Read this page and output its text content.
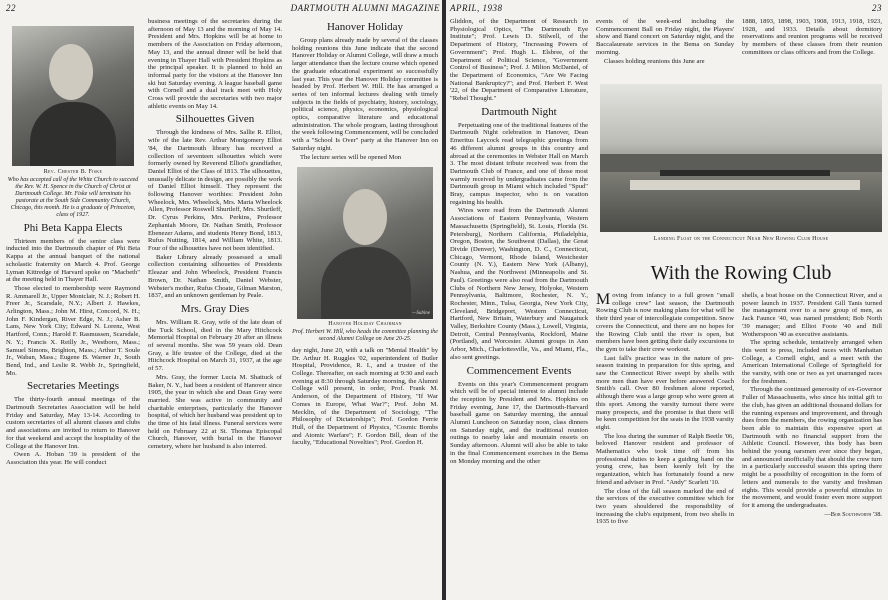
22	DARTMOUTH ALUMNI MAGAZINE
Rev. Chester B. Fiske
Who has accepted call of the White Church to succeed the Rev. W. H. Spence in the Church of Christ at Dartmouth College. Mr. Fiske will terminate his pastorate at the South Side Community Church, Chicago, this month. He is a graduate of Princeton, class of 1927.
Phi Beta Kappa Elects

Thirteen members of the senior class were inducted into the Dartmouth chapter of Phi Beta Kappa at the annual banquet of the national scholastic fraternity on March 4. Prof. George Lyman Kittredge of Harvard spoke on "Macbeth" at the meeting held in Thayer Hall.

Those elected to membership were Raymond R. Ammarell Jr., Upper Montclair, N. J.; Robert H. Freer Jr., Scarsdale, N.Y.; Albert J. Hawkes, Arlington, Mass.; John M. Hirst, Concord, N. H.; John F. Kindergan, River Edge, N. J.; Asher B. Lans, New York City; Edward N. Lorenz, West Hartford, Conn.; Harold F. Rasmussen, Scarsdale, N. Y.; Francis X. Reilly Jr., Westboro, Mass.; Samuel Simons, Brighton, Mass.; Arthur T. Soule Jr., Waban, Mass.; Eugene B. Warner Jr., South Bend, Ind., and Leslie R. Webb Jr., Springfield, Mo.

Secretaries Meetings

The thirty-fourth annual meetings of the Dartmouth Secretaries Association will be held Friday and Saturday, May 13-14. According to custom secretaries of all alumni classes and clubs and associations are invited to return to Hanover for that weekend and accept the hospitality of the College at the Hanover Inn.

Owen A. Hoban '39 is president of the Association this year. He will conduct

business meetings of the secretaries during the afternoon of May 13 and the morning of May 14. President and Mrs. Hopkins will be at home to members of the Association on Friday afternoon, May 13, and the annual dinner will be held that evening in Thayer Hall with President Hopkins as the principal speaker. It is planned to hold an informal party for the visitors at the Hanover Inn ski hut Saturday evening. A league baseball game with Cornell and a dual track meet with Holy Cross will provide the secretaries with two major athletic events on May 14.

Silhouettes Given

Through the kindness of Mrs. Sallie R. Elliot, wife of the late Rev. Arthur Montgomery Elliot '84, the Dartmouth library has received a collection of seventeen silhouettes which were formerly owned by Reverend Elliot's grandfather, Daniel Elliot of the Class of 1813. The silhouettes, unusually delicate in design, are possibly the work of Daniel Elliot himself. They represent the following Hanover worthies: President John Wheelock, Mrs. Wheelock, Mrs. Maria Wheelock Allen, Professor Roswell Shurtleff, Mrs. Shurtleff, Dr. Cyrus Perkins, Mrs. Perkins, Professor Zephaniah Moore, Dr. Nathan Smith, Professor Ebenezer Adams, and students Henry Bond, 1813, Rufus Nutting, 1814, and William White, 1813. Four of the silhouettes have not been identified.

Baker Library already possessed a small collection containing silhouettes of Presidents Eleazar and John Wheelock, President Francis Brown, Dr. Nathan Smith, Daniel Webster, Webster's mother, Rufus Choate, Gilman Marston, 1837, and an unknown gentleman by Peale.

Mrs. Gray Dies

Mrs. William R. Gray, wife of the late dean of the Tuck School, died in the Mary Hitchcock Memorial Hospital on February 20 after an illness of several months. She was 59 years old. Dean Gray, a life trustee of the College, died at the Hitchcock Hospital on March 31, 1937, at the age of 57.

Mrs. Gray, the former Lucia M. Shattuck of Baker, N. Y., had been a resident of Hanover since 1905, the year in which she and Dean Gray were married. She was active in community and charitable enterprises, particularly the Hanover hospital, of which her husband was president up to the time of his fatal illness. Funeral services were held on February 22 at St. Thomas Episcopal Church, Hanover, with burial in the Hanover cemetery, where her husband is also interred.

Hanover Holiday

Group plans already made by several of the classes holding reunions this June indicate that the second Hanover Holiday or Alumni College, will draw a much larger attendance than the lecture course which opened the graduate educational experiment so successfully last year. This year the Hanover Holiday committee is headed by Prof. Herbert W. Hill. He has arranged a series of ten informal lectures dealing with timely subjects in the fields of psychiatry, history, sociology, political science, physics, economics, physiological optics, comparative literature and educational administration. The whole program, lasting throughout the week following Commencement, will be concluded with a "School Is Over" party at the Hanover Inn on Saturday night.

The lecture series will be opened Mon

—Sabine
Hanover Holiday Chairman
Prof. Herbert W. Hill, who heads the committee planning the second Alumni College on June 20-25.

day night, June 20, with a talk on "Mental Health" by Dr. Arthur H. Ruggles '02, superintendent of Butler Hospital, Providence, R. I., and a trustee of the College. Thereafter, on each morning at 9:30 and each evening at 8:30 through Saturday morning, the Alumni College will present, in order, Prof. Frank M. Anderson, of the Department of History, "If War Comes in Europe, What War?"; Prof. John M. Mecklin, of the Department of Sociology, "The Philosophy of Dictatorships"; Prof. Gordon Ferrie Hull, of the Department of Physics, "Cosmic Bombs and Atomic Warfare"; F. Gordon Bill, dean of the faculty, "Educational Novelties"; Prof. Gordon H.

APRIL, 1938	23

Gliddon, of the Department of Research in Physiological Optics, "The Dartmouth Eye Institute"; Prof. Lewis D. Stilwell, of the Department of History, "Increasing Powers of Government"; Prof. Hugh L. Elsbree, of the Department of Political Science, "Government Control of Business"; Prof. J. Milton McDaniel, of the Department of Economics, "Are We Facing National Bankruptcy?"; and Prof. Herbert F. West '22, of the Department of Comparative Literature, "Rebel Thought."

Dartmouth Night

Perpetuating one of the traditional features of the Dartmouth Night celebration in Hanover, Dean Emeritus Laycock read telegraphic greetings from 46 different alumni groups in this country and abroad at the ceremonies in Webster Hall on March 3. The most distant tribute received was from the Dartmouth Club of France, and one of those most warmly received by undergraduates came from the Dartmouth group in Miami which included "Spud" Bray, campus inspector, who is on vacation regaining his health.

Wires were read from the Dartmouth Alumni Associations of Eastern Pennsylvania, Western Massachusetts (Springfield), St. Louis, Florida (St. Petersburg), Northern California, Philadelphia, Oregon, Boston, the Southwest (Dallas), the Great Divide (Denver), Washington, D. C., Connecticut, Chicago, Vermont, Rhode Island, Westchester County (N. Y.), Eastern New York (Albany), Nashua, and the Northwest (Minneapolis and St. Paul). Greetings were also read from the Dartmouth Clubs of Northern New Jersey, Holyoke, Western Pennsylvania, Baltimore, Rochester, N. Y., Rochester, Minn., Tulsa, Georgia, New York City, Cleveland, Bridgeport, Western Connecticut, Hartford, New Britain, Waterbury and Naugatuck Valley, Berkshire County (Mass.), Lowell, Virginia, Detroit, Central Pennsylvania, Rockford, Maine (Portland), and Worcester. Alumni groups in Ann Arbor, Mich., Charlottesville, Va., and Miami, Fla., also sent greetings.

Commencement Events

Events on this year's Commencement program which will be of special interest to alumni include the reception by President and Mrs. Hopkins on Friday evening, June 17, the Dartmouth-Harvard baseball game on Saturday morning, the annual Alumni Luncheon on Saturday noon, class dinners on Saturday night, and the traditional reunion outings to nearby lake and mountain resorts on Sunday afternoon. Alumni will also be able to take in the final Commencement exercises in the Bema on Monday morning and the other

events of the week-end including the Commencement Ball on Friday night, the Players' show and Band concert on Saturday night, and the Baccalaureate services in the Bema on Sunday morning.

Classes holding reunions this June are

1888, 1893, 1898, 1903, 1908, 1913, 1918, 1923, 1928, and 1933. Details about dormitory reservations and reunion programs will be received by members of these classes from their reunion committees or class officers and from the College.

Landing Float on the Connecticut Near New Rowing Club House
With the Rowing Club

Moving from infancy to a full grown "small college crew" last season, the Dartmouth Rowing Club is now making plans for what will be their third year of intercollegiate competition. Snow covers the Connecticut, and there are no hopes for the Rowing Club until the river is open, but members have been getting their daily excursions to the gym to take their crew workout.

Last fall's practice was in the nature of pre-season training in preparation for this spring, and saw the Connecticut River swept by shells with more men than have ever before answered Coach Smith's call. Over 80 freshmen alone reported, although there was a large group who were green at this sport. Among the varsity turnout there were many prospects, and the promise is that there will be keen competition for the seats in the 1938 varsity eight.

The loss during the summer of Ralph Beetle '06, beloved Hanover resident and professor of Mathematics who took time off from his professional duties to keep a guiding hand on the young crew, has been keenly felt by the organization, which has fortunately found a new friend and adviser in Prof. "Andy" Scarlett '10.

The close of the fall season marked the end of the services of the executive committee which for two years shouldered the responsibility of increasing the club's equipment, from two shells in 1935 to five

shells, a boat house on the Connecticut River, and a power launch in 1937. President Gill Tanis turned the management over to a new group of men, as Jack Faunce '40, was named president; Bob North '39 manager; and Elliot Foote '40 and Bill Wotherspoon '40 as executive assistants.

The spring schedule, tentatively arranged when this went to press, included races with Manhattan College, a Cornell eight, and a meet with the American International College of Springfield for the varsity, with one or two as yet unarranged races for the freshmen.

Through the continued generosity of ex-Governor Fuller of Massachusetts, who since his initial gift to the club, has given an additional thousand dollars for the running expenses and improvement, and through dues from the members, the rowing organization has been able to maintain this expensive sport at Dartmouth with no financial support from the Athletic Council. However, this body has been behind the young oarsmen ever since they began, and announced unofficially that should the crew turn in a particularly successful season this spring there might be a possibility of recognition in the form of letters and numerals to the varsity and freshman eights. This would provide a powerful stimulus to the movement, and would foster even more support for it among the undergraduates.

—Bob Southworth '38.
